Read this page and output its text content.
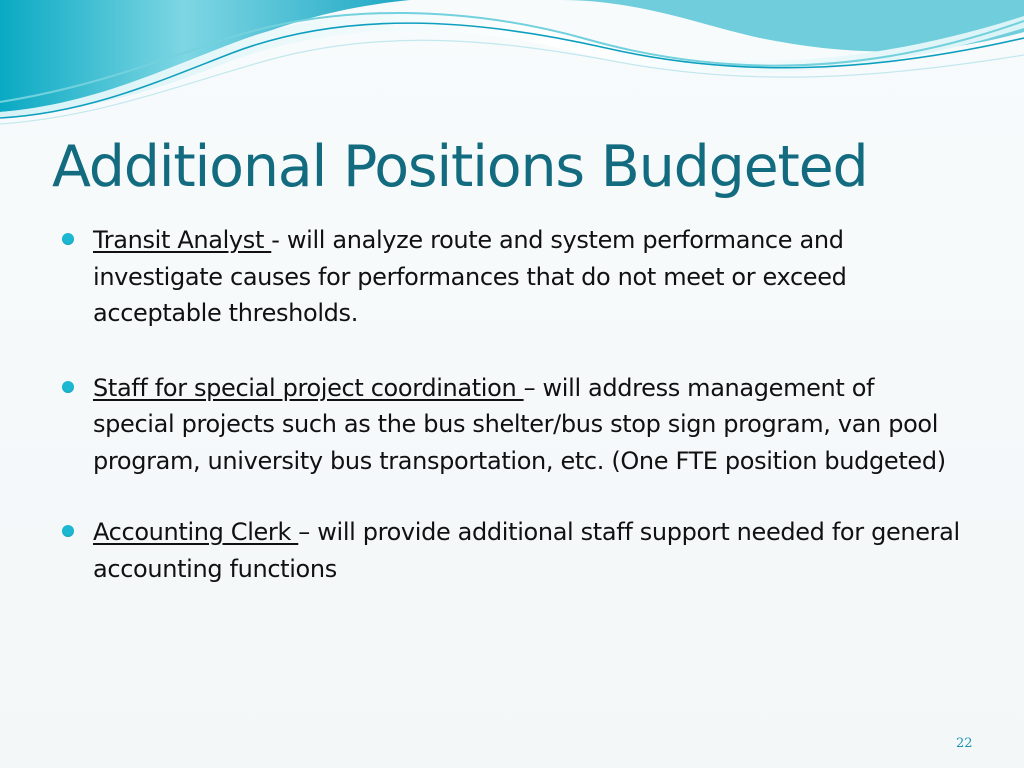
Additional Positions Budgeted
Transit Analyst - will analyze route and system performance and investigate causes for performances that do not meet or exceed acceptable thresholds.
Staff for special project coordination – will address management of special projects such as the bus shelter/bus stop sign program, van pool program, university bus transportation, etc. (One FTE position budgeted)
Accounting Clerk – will provide additional staff support needed for general accounting functions
22
